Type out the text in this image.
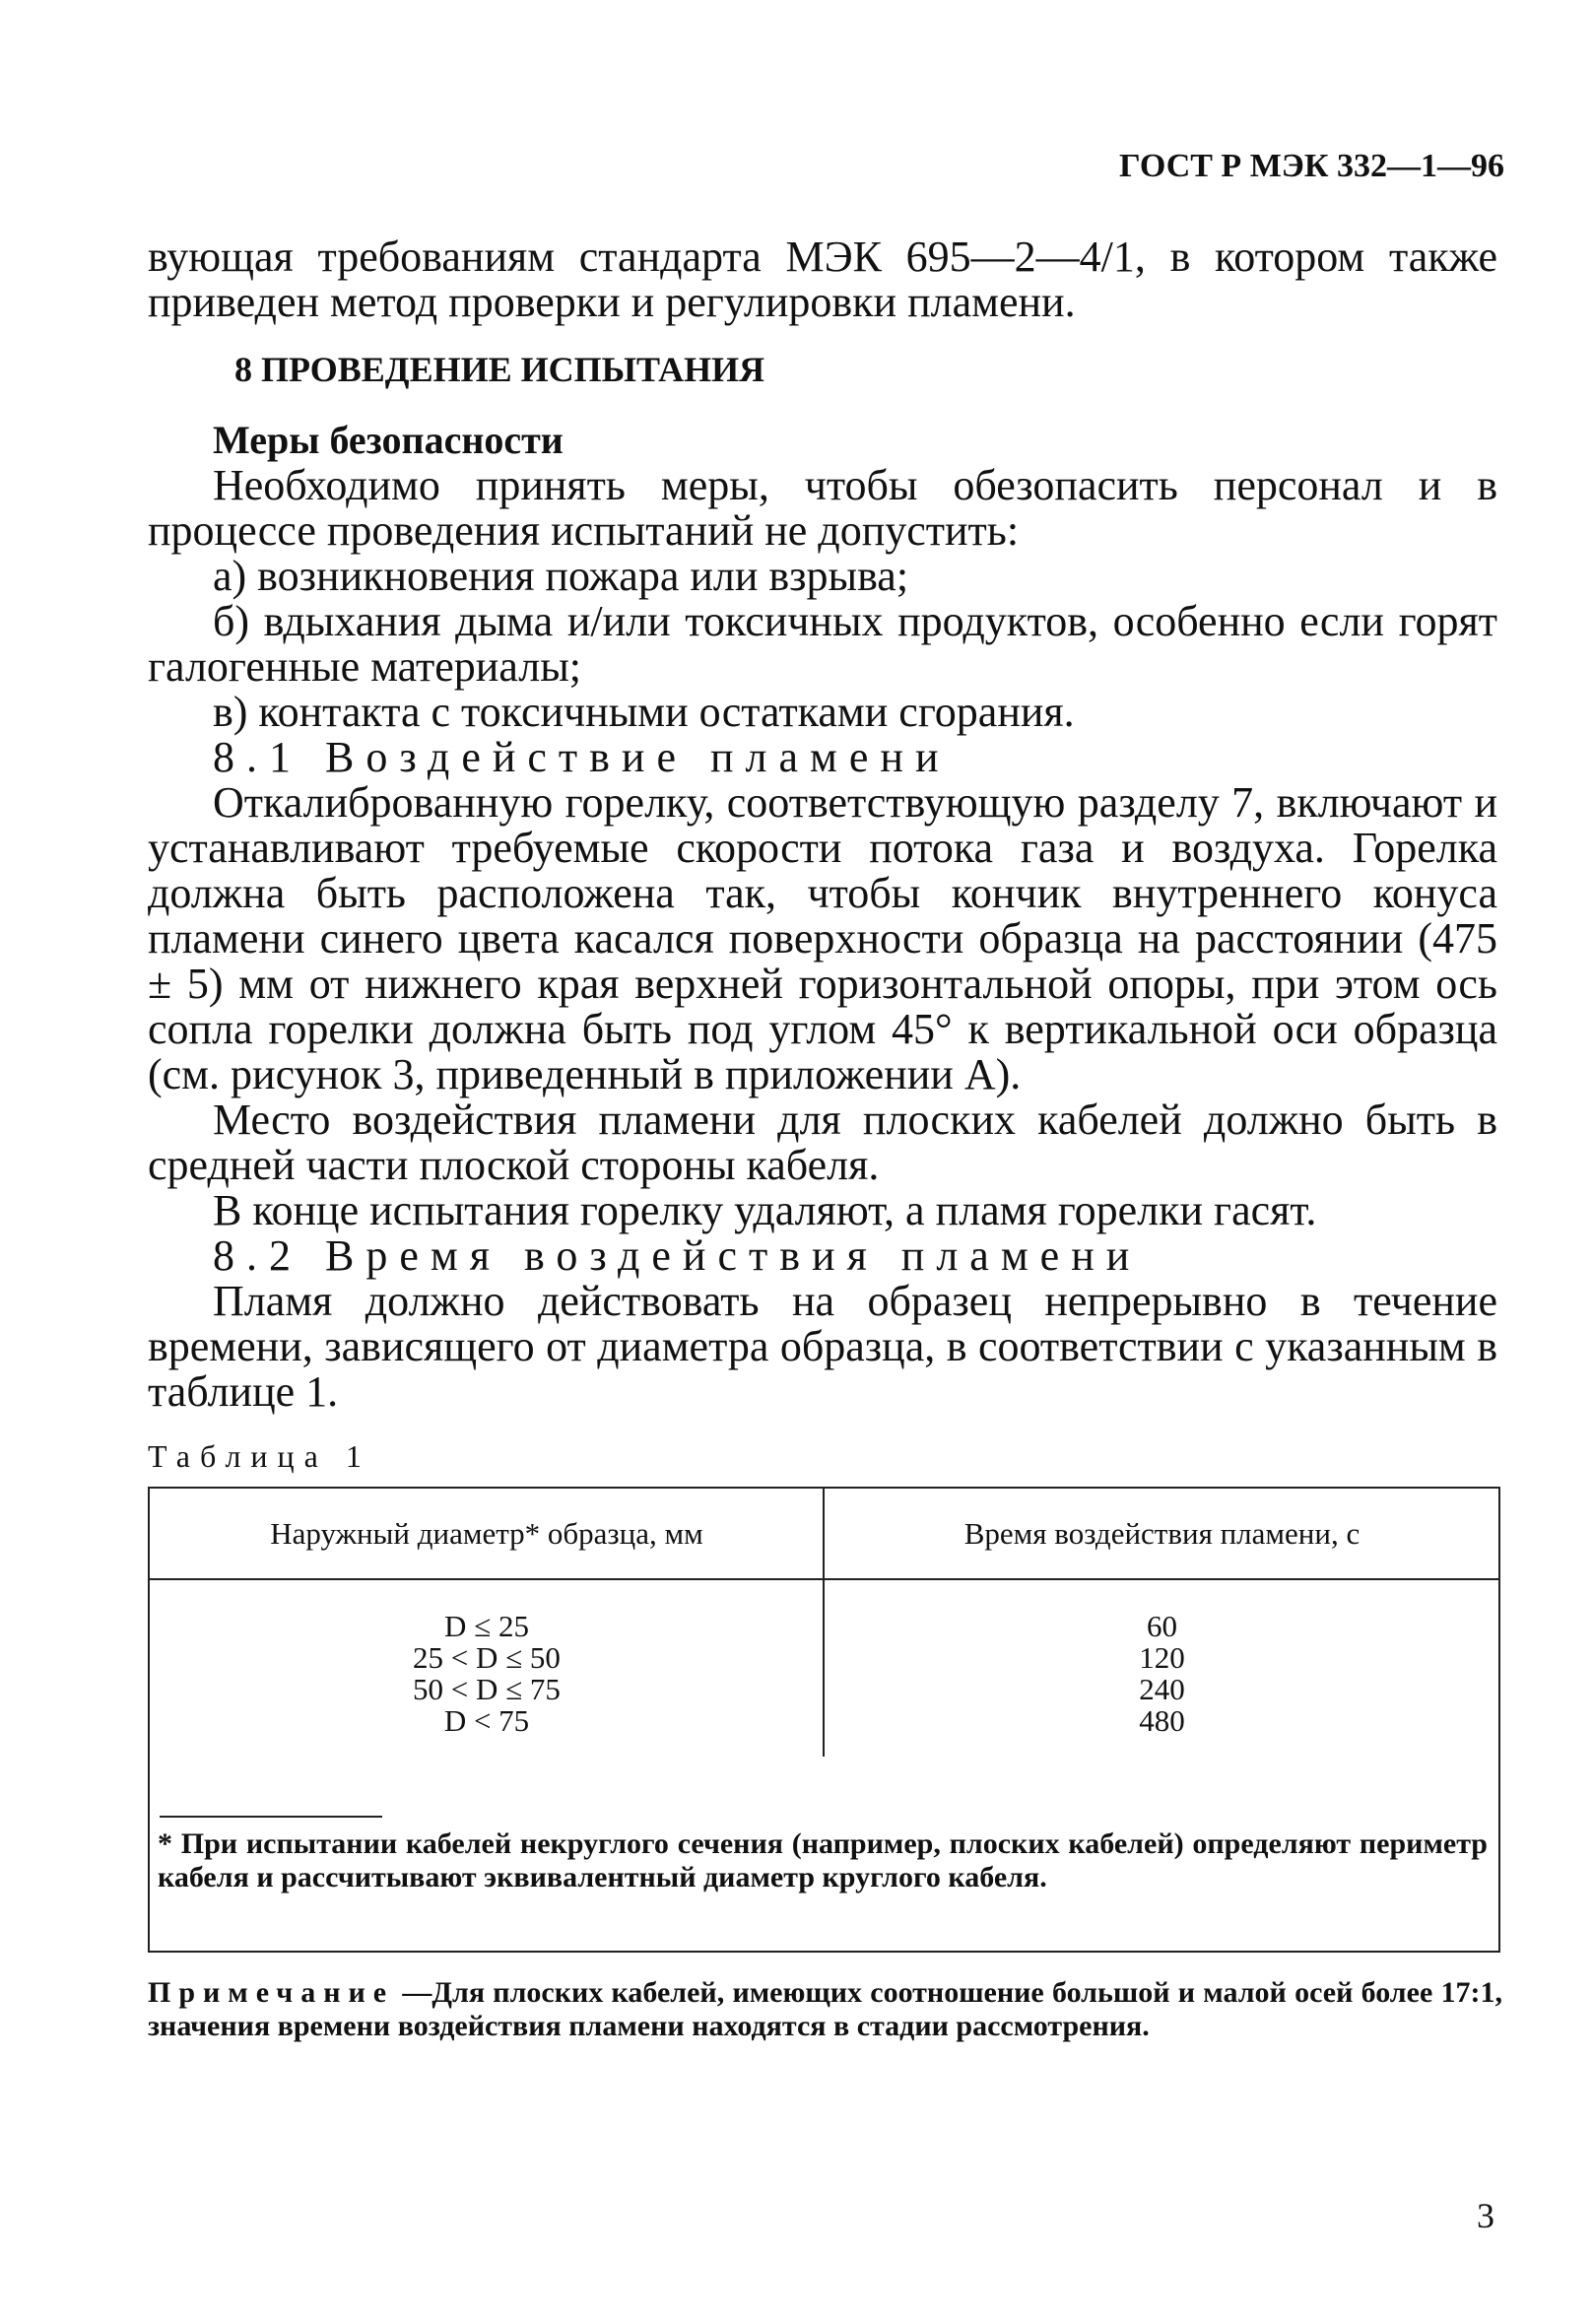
ГОСТ Р МЭК 332—1—96

вующая требованиям стандарта МЭК 695—2—4/1, в котором также приведен метод проверки и регулировки пламени.

8 ПРОВЕДЕНИЕ ИСПЫТАНИЯ

Меры безопасности

Необходимо принять меры, чтобы обезопасить персонал и в процессе проведения испытаний не допустить:

а) возникновения пожара или взрыва;

б) вдыхания дыма и/или токсичных продуктов, особенно если горят галогенные материалы;

в) контакта с токсичными остатками сгорания.

8.1 Воздействие пламени

Откалиброванную горелку, соответствующую разделу 7, включают и устанавливают требуемые скорости потока газа и воздуха. Горелка должна быть расположена так, чтобы кончик внутреннего конуса пламени синего цвета касался поверхности образца на расстоянии (475 ± 5) мм от нижнего края верхней горизонтальной опоры, при этом ось сопла горелки должна быть под углом 45° к вертикальной оси образца (см. рисунок 3, приведенный в приложении А).

Место воздействия пламени для плоских кабелей должно быть в средней части плоской стороны кабеля.

В конце испытания горелку удаляют, а пламя горелки гасят.

8.2 Время воздействия пламени

Пламя должно действовать на образец непрерывно в течение времени, зависящего от диаметра образца, в соответствии с указанным в таблице 1.

Таблица 1
Наружный диаметр* образца, мм	Время воздействия пламени, с
D ≤ 25
25 < D ≤ 50
50 < D ≤ 75
D < 75
60
120
240
480
* При испытании кабелей некруглого сечения (например, плоских кабелей) определяют периметр кабеля и рассчитывают эквивалентный диаметр круглого кабеля.
Примечание —Для плоских кабелей, имеющих соотношение большой и малой осей более 17:1, значения времени воздействия пламени находятся в стадии рассмотрения.
3
